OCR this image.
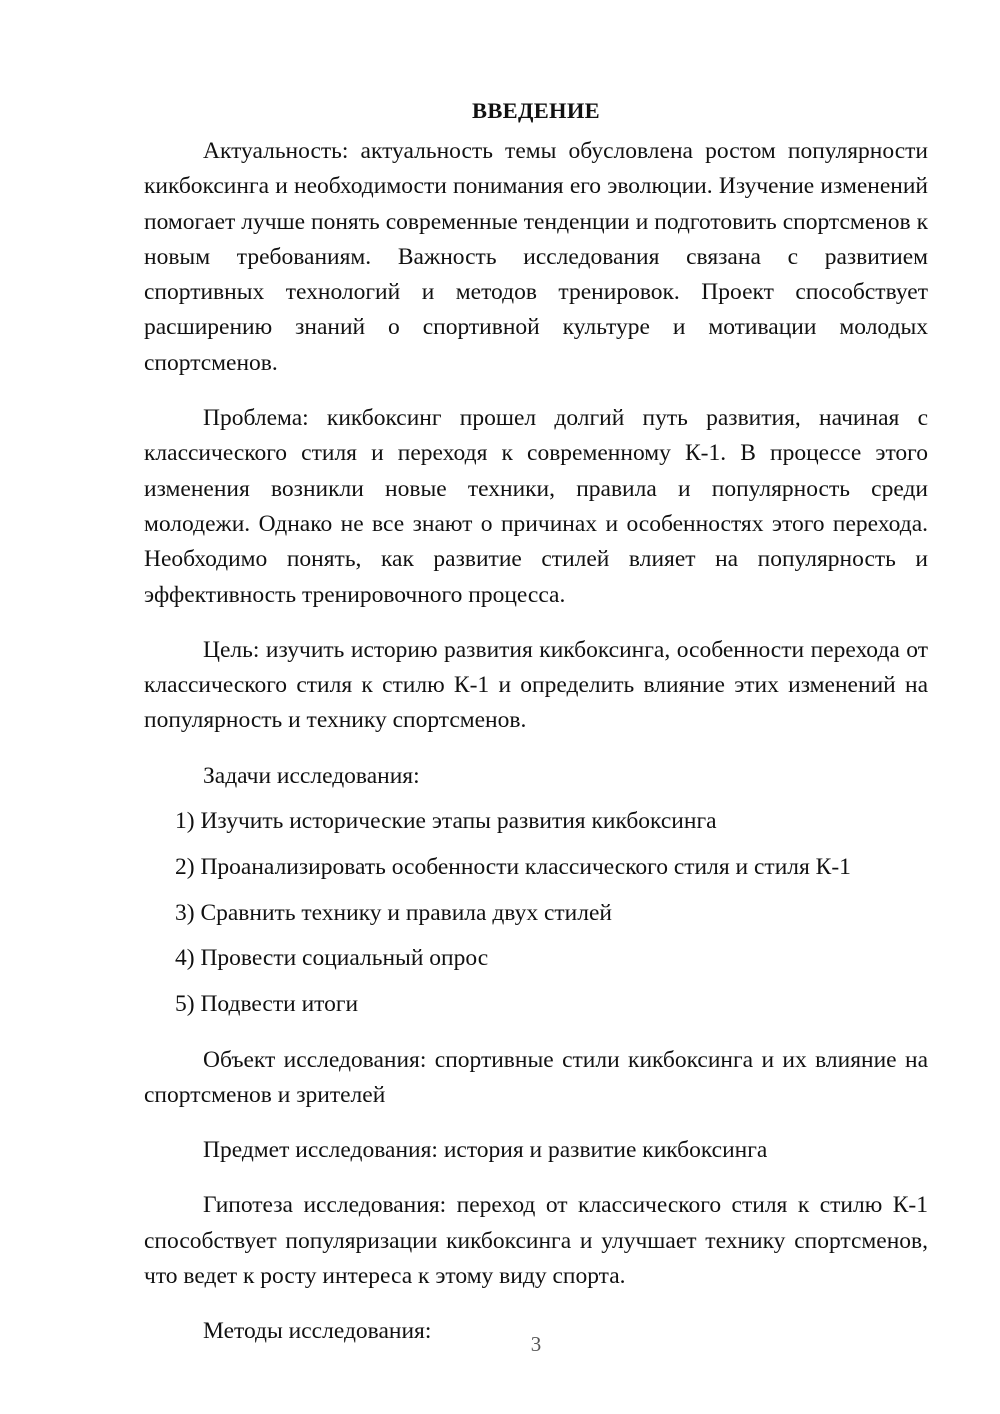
ВВЕДЕНИЕ

Актуальность: актуальность темы обусловлена ростом популярности кикбоксинга и необходимости понимания его эволюции. Изучение изменений помогает лучше понять современные тенденции и подготовить спортсменов к новым требованиям. Важность исследования связана с развитием спортивных технологий и методов тренировок. Проект способствует расширению знаний о спортивной культуре и мотивации молодых спортсменов.

Проблема: кикбоксинг прошел долгий путь развития, начиная с классического стиля и переходя к современному К-1. В процессе этого изменения возникли новые техники, правила и популярность среди молодежи. Однако не все знают о причинах и особенностях этого перехода. Необходимо понять, как развитие стилей влияет на популярность и эффективность тренировочного процесса.

Цель: изучить историю развития кикбоксинга, особенности перехода от классического стиля к стилю К-1 и определить влияние этих изменений на популярность и технику спортсменов.

Задачи исследования:

1) Изучить исторические этапы развития кикбоксинга
2) Проанализировать особенности классического стиля и стиля К-1
3) Сравнить технику и правила двух стилей
4) Провести социальный опрос
5) Подвести итоги

Объект исследования: спортивные стили кикбоксинга и их влияние на спортсменов и зрителей

Предмет исследования: история и развитие кикбоксинга

Гипотеза исследования: переход от классического стиля к стилю К-1 способствует популяризации кикбоксинга и улучшает технику спортсменов, что ведет к росту интереса к этому виду спорта.

Методы исследования:	3
